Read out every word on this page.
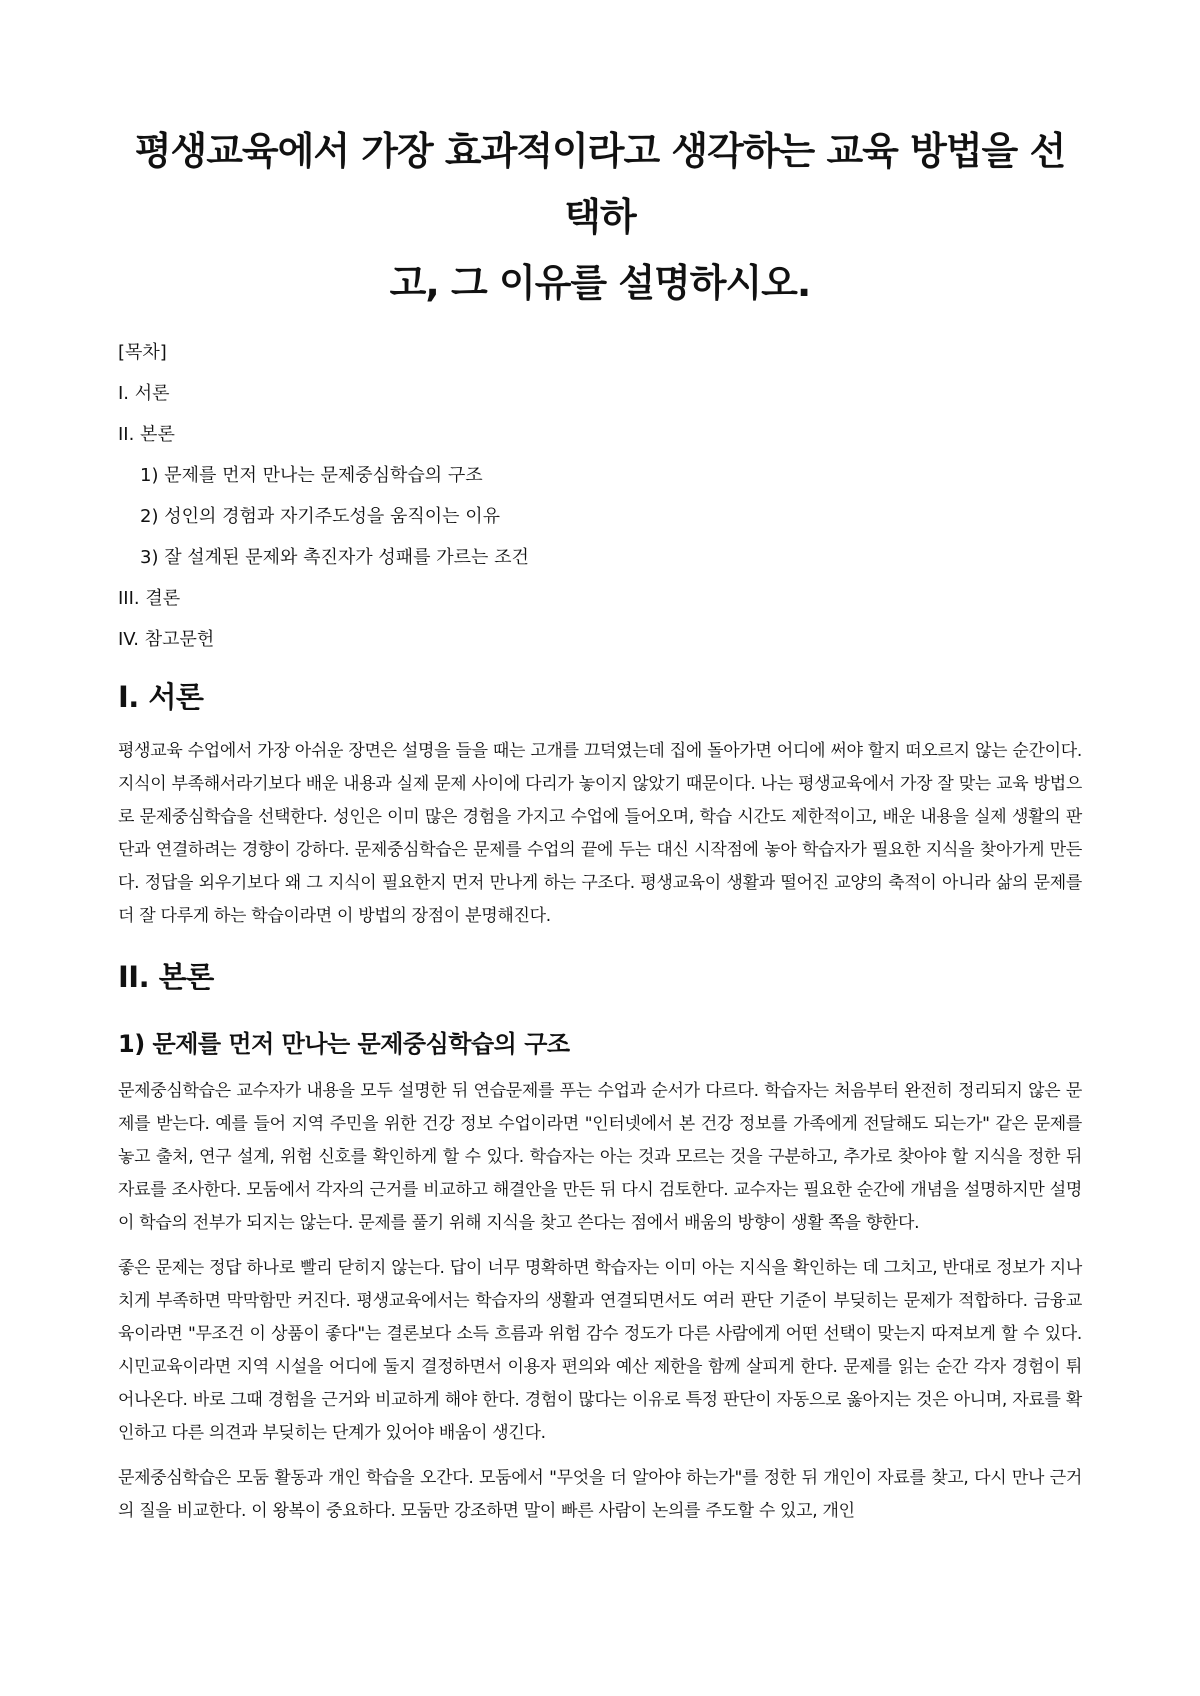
평생교육에서 가장 효과적이라고 생각하는 교육 방법을 선택하
고, 그 이유를 설명하시오.
[목차]
I. 서론
II. 본론
1) 문제를 먼저 만나는 문제중심학습의 구조
2) 성인의 경험과 자기주도성을 움직이는 이유
3) 잘 설계된 문제와 촉진자가 성패를 가르는 조건
III. 결론
IV. 참고문헌
I. 서론

평생교육 수업에서 가장 아쉬운 장면은 설명을 들을 때는 고개를 끄덕였는데 집에 돌아가면 어디에 써야 할지 떠오르지 않는 순간이다. 지식이 부족해서라기보다 배운 내용과 실제 문제 사이에 다리가 놓이지 않았기 때문이다. 나는 평생교육에서 가장 잘 맞는 교육 방법으로 문제중심학습을 선택한다. 성인은 이미 많은 경험을 가지고 수업에 들어오며, 학습 시간도 제한적이고, 배운 내용을 실제 생활의 판단과 연결하려는 경향이 강하다. 문제중심학습은 문제를 수업의 끝에 두는 대신 시작점에 놓아 학습자가 필요한 지식을 찾아가게 만든다. 정답을 외우기보다 왜 그 지식이 필요한지 먼저 만나게 하는 구조다. 평생교육이 생활과 떨어진 교양의 축적이 아니라 삶의 문제를 더 잘 다루게 하는 학습이라면 이 방법의 장점이 분명해진다.

II. 본론
1) 문제를 먼저 만나는 문제중심학습의 구조

문제중심학습은 교수자가 내용을 모두 설명한 뒤 연습문제를 푸는 수업과 순서가 다르다. 학습자는 처음부터 완전히 정리되지 않은 문제를 받는다. 예를 들어 지역 주민을 위한 건강 정보 수업이라면 "인터넷에서 본 건강 정보를 가족에게 전달해도 되는가" 같은 문제를 놓고 출처, 연구 설계, 위험 신호를 확인하게 할 수 있다. 학습자는 아는 것과 모르는 것을 구분하고, 추가로 찾아야 할 지식을 정한 뒤 자료를 조사한다. 모둠에서 각자의 근거를 비교하고 해결안을 만든 뒤 다시 검토한다. 교수자는 필요한 순간에 개념을 설명하지만 설명이 학습의 전부가 되지는 않는다. 문제를 풀기 위해 지식을 찾고 쓴다는 점에서 배움의 방향이 생활 쪽을 향한다.

좋은 문제는 정답 하나로 빨리 닫히지 않는다. 답이 너무 명확하면 학습자는 이미 아는 지식을 확인하는 데 그치고, 반대로 정보가 지나치게 부족하면 막막함만 커진다. 평생교육에서는 학습자의 생활과 연결되면서도 여러 판단 기준이 부딪히는 문제가 적합하다. 금융교육이라면 "무조건 이 상품이 좋다"는 결론보다 소득 흐름과 위험 감수 정도가 다른 사람에게 어떤 선택이 맞는지 따져보게 할 수 있다. 시민교육이라면 지역 시설을 어디에 둘지 결정하면서 이용자 편의와 예산 제한을 함께 살피게 한다. 문제를 읽는 순간 각자 경험이 튀어나온다. 바로 그때 경험을 근거와 비교하게 해야 한다. 경험이 많다는 이유로 특정 판단이 자동으로 옳아지는 것은 아니며, 자료를 확인하고 다른 의견과 부딪히는 단계가 있어야 배움이 생긴다.

문제중심학습은 모둠 활동과 개인 학습을 오간다. 모둠에서 "무엇을 더 알아야 하는가"를 정한 뒤 개인이 자료를 찾고, 다시 만나 근거의 질을 비교한다. 이 왕복이 중요하다. 모둠만 강조하면 말이 빠른 사람이 논의를 주도할 수 있고, 개인
